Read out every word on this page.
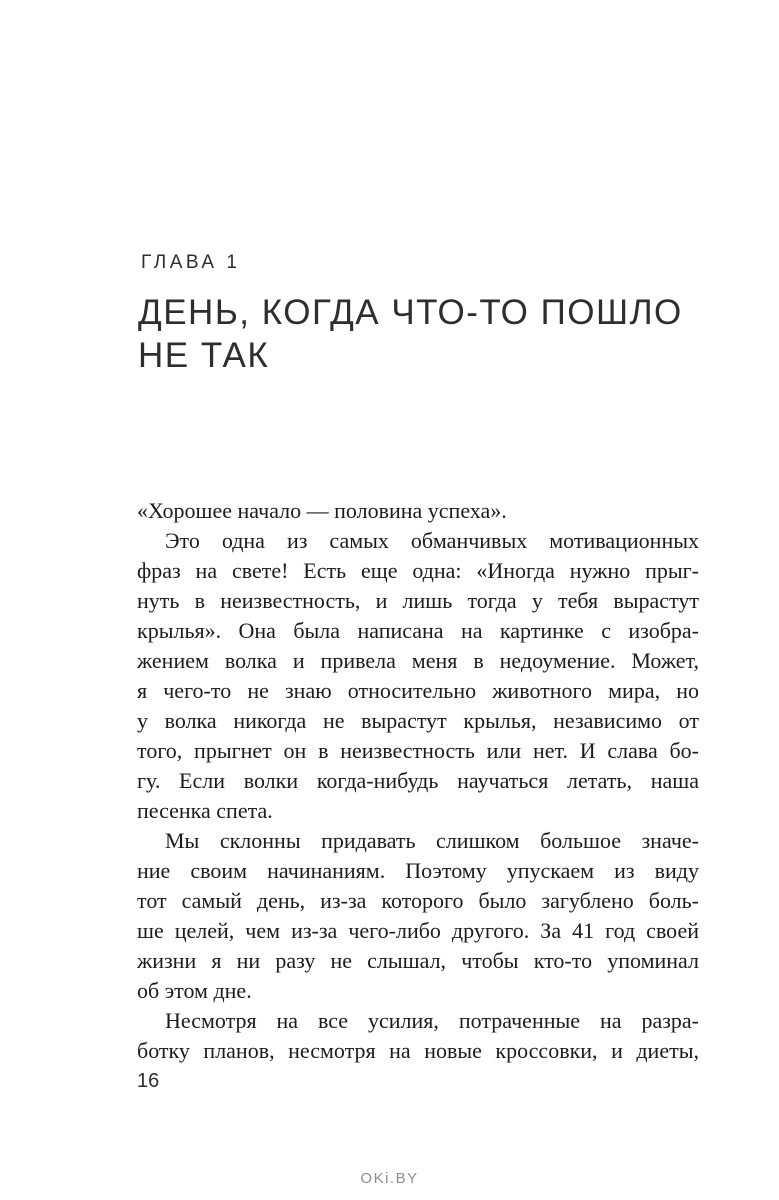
ГЛАВА 1
ДЕНЬ, КОГДА ЧТО-ТО ПОШЛО
НЕ ТАК
«Хорошее начало — половина успеха».
Это одна из самых обманчивых мотивационных
фраз на свете! Есть еще одна: «Иногда нужно прыг-
нуть в неизвестность, и лишь тогда у тебя вырастут
крылья». Она была написана на картинке с изобра-
жением волка и привела меня в недоумение. Может,
я чего-то не знаю относительно животного мира, но
у волка никогда не вырастут крылья, независимо от
того, прыгнет он в неизвестность или нет. И слава бо-
гу. Если волки когда-нибудь научаться летать, наша
песенка спета.
Мы склонны придавать слишком большое значе-
ние своим начинаниям. Поэтому упускаем из виду
тот самый день, из-за которого было загублено боль-
ше целей, чем из-за чего-либо другого. За 41 год своей
жизни я ни разу не слышал, чтобы кто-то упоминал
об этом дне.
Несмотря на все усилия, потраченные на разра-
ботку планов, несмотря на новые кроссовки, и диеты,
16
OKi.BY
